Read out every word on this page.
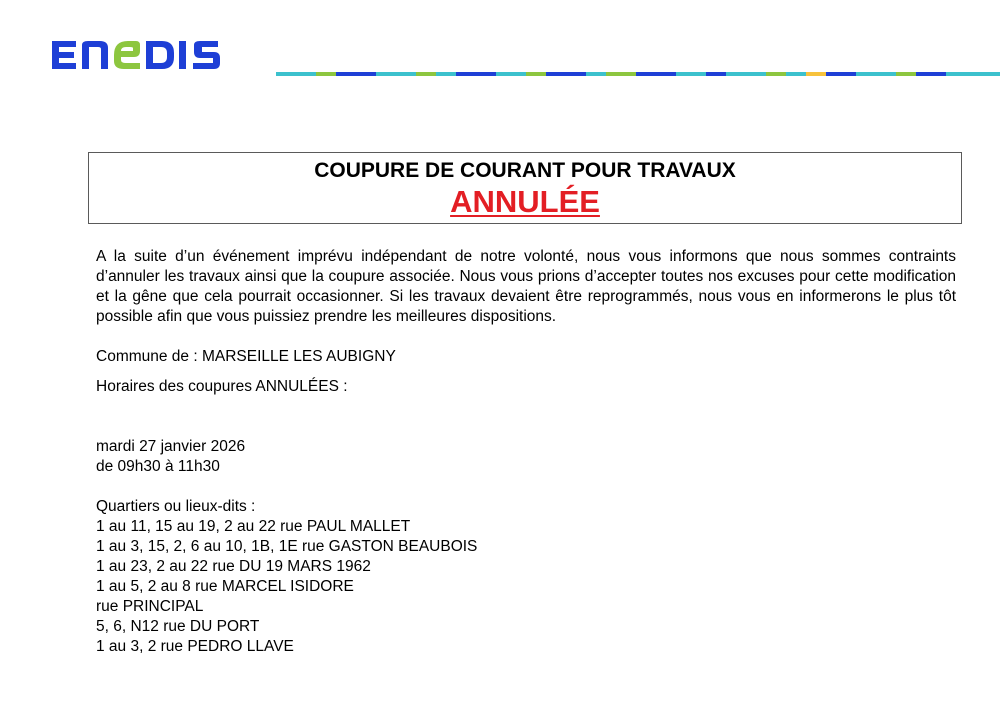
COUPURE DE COURANT POUR TRAVAUX
ANNULÉE

A la suite d’un événement imprévu indépendant de notre volonté, nous vous informons que nous sommes contraints d’annuler les travaux ainsi que la coupure associée. Nous vous prions d’accepter toutes nos excuses pour cette modification et la gêne que cela pourrait occasionner. Si les travaux devaient être reprogrammés, nous vous en informerons le plus tôt possible afin que vous puissiez prendre les meilleures dispositions.

Commune de : MARSEILLE LES AUBIGNY
Horaires des coupures ANNULÉES :
mardi 27 janvier 2026
de 09h30 à 11h30
Quartiers ou lieux-dits :
1 au 11, 15 au 19, 2 au 22 rue PAUL MALLET
1 au 3, 15, 2, 6 au 10, 1B, 1E rue GASTON BEAUBOIS
1 au 23, 2 au 22 rue DU 19 MARS 1962
1 au 5, 2 au 8 rue MARCEL ISIDORE
rue PRINCIPAL
5, 6, N12 rue DU PORT
1 au 3, 2 rue PEDRO LLAVE
